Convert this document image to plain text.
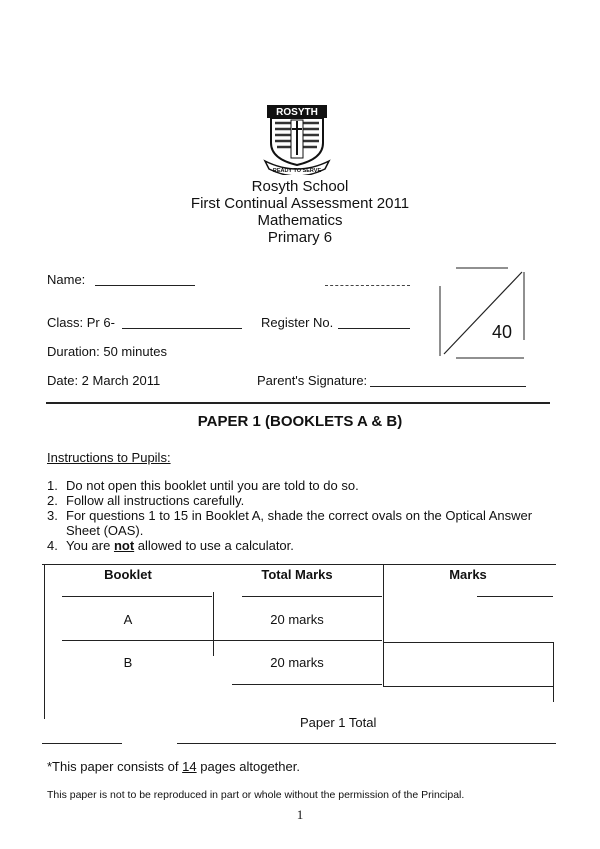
ROSYTH
READY TO SERVE
Rosyth School
First Continual Assessment 2011
Mathematics
Primary 6
Name:
Class: Pr 6-	Register No.
Duration: 50 minutes
Date: 2 March 2011	Parent's Signature:
40
PAPER 1 (BOOKLETS A & B)
Instructions to Pupils:
1. Do not open this booklet until you are told to do so.
2. Follow all instructions carefully.
3. For questions 1 to 15 in Booklet A, shade the correct ovals on the Optical Answer
Sheet (OAS).
4. You are not allowed to use a calculator.
Booklet	Total Marks	Marks
A	20 marks
B	20 marks
Paper 1 Total
*This paper consists of 14 pages altogether.
This paper is not to be reproduced in part or whole without the permission of the Principal.
1
